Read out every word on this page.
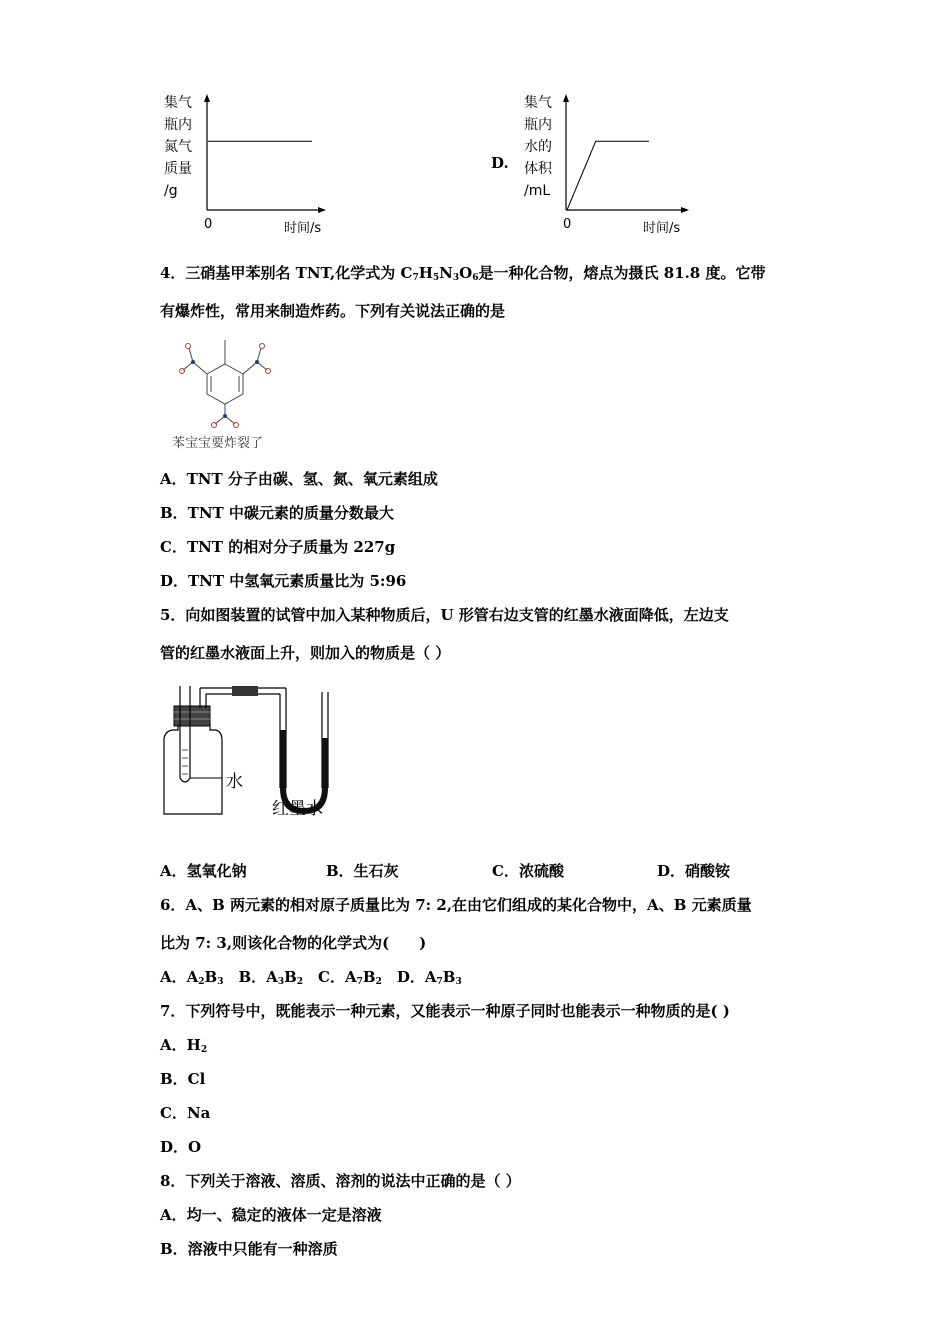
集气
瓶内
氮气
质量
/g
0	时间/s
D.
集气
瓶内
水的
体积
/mL
0	时间/s
4．三硝基甲苯别名 TNT,化学式为 $C_7H_5N_3O_6$是一种化合物，熔点为摄氏 81.8 度。它带
有爆炸性，常用来制造炸药。下列有关说法正确的是
苯宝宝要炸裂了
A．TNT 分子由碳、氢、氮、氧元素组成
B．TNT 中碳元素的质量分数最大
C．TNT 的相对分子质量为 227g
D．TNT 中氢氧元素质量比为 5:96
5．向如图装置的试管中加入某种物质后，U 形管右边支管的红墨水液面降低，左边支
管的红墨水液面上升，则加入的物质是（ ）
水
红墨水
A．氢氧化钠	B．生石灰	C．浓硫酸	D．硝酸铵
6．A、B 两元素的相对原子质量比为 7: 2,在由它们组成的某化合物中，A、B 元素质量
比为 7: 3,则该化合物的化学式为(　　)
A．$A_2B_3$　B．$A_3B_2$　C．$A_7B_2$　D．$A_7B_3$
7．下列符号中，既能表示一种元素，又能表示一种原子同时也能表示一种物质的是( )
A．$H_2$
B．Cl
C．Na
D．O
8．下列关于溶液、溶质、溶剂的说法中正确的是（ ）
A．均一、稳定的液体一定是溶液
B．溶液中只能有一种溶质
